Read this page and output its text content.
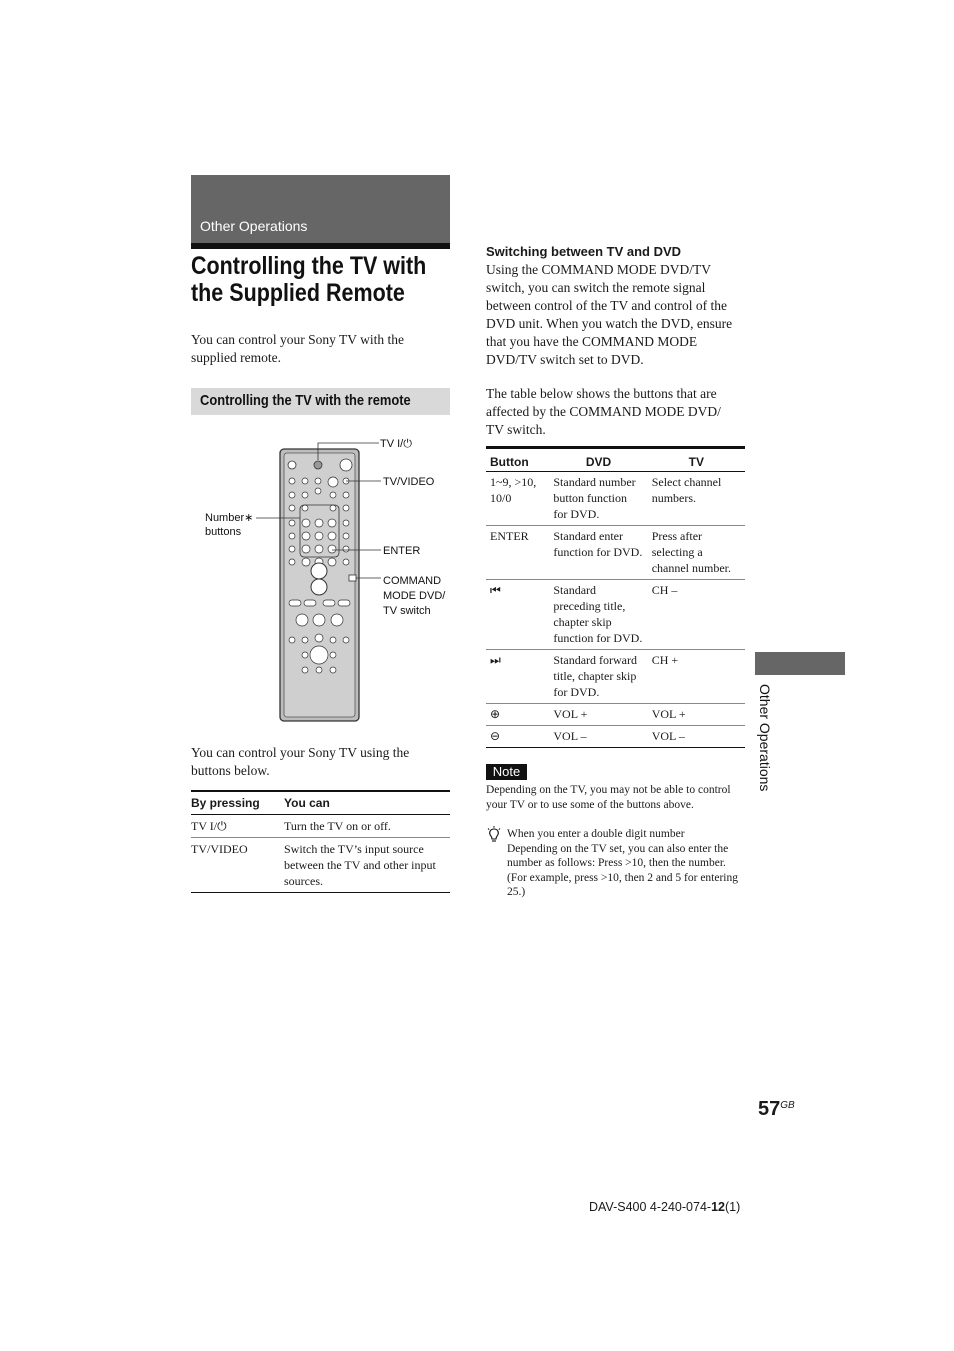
Other Operations
Controlling the TV with
the Supplied Remote
You can control your Sony TV with the supplied remote.
Controlling the TV with the remote
TV I/⏻
TV/VIDEO
Number∗
buttons
ENTER
COMMAND
MODE DVD/
TV switch
You can control your Sony TV using the buttons below.
By pressing	You can
TV I/⏻	Turn the TV on or off.
TV/VIDEO	Switch the TV’s input source between the TV and other input sources.
Switching between TV and DVD
Using the COMMAND MODE DVD/TV switch, you can switch the remote signal between control of the TV and control of the DVD unit. When you watch the DVD, ensure that you have the COMMAND MODE DVD/TV switch set to DVD.
The table below shows the buttons that are affected by the COMMAND MODE DVD/ TV switch.
Button	DVD	TV
1~9, >10, 10/0	Standard number button function for DVD.	Select channel numbers.
ENTER	Standard enter function for DVD.	Press after selecting a channel number.
⏮	Standard preceding title, chapter skip function for DVD.	CH –
⏭	Standard forward title, chapter skip for DVD.	CH +
⊕	VOL +	VOL +
⊖	VOL –	VOL –
Note
Depending on the TV, you may not be able to control your TV or to use some of the buttons above.
When you enter a double digit number
Depending on the TV set, you can also enter the number as follows: Press >10, then the number. (For example, press >10, then 2 and 5 for entering 25.)
Other Operations
$57^{GB}$
DAV-S400 4-240-074-12(1)
